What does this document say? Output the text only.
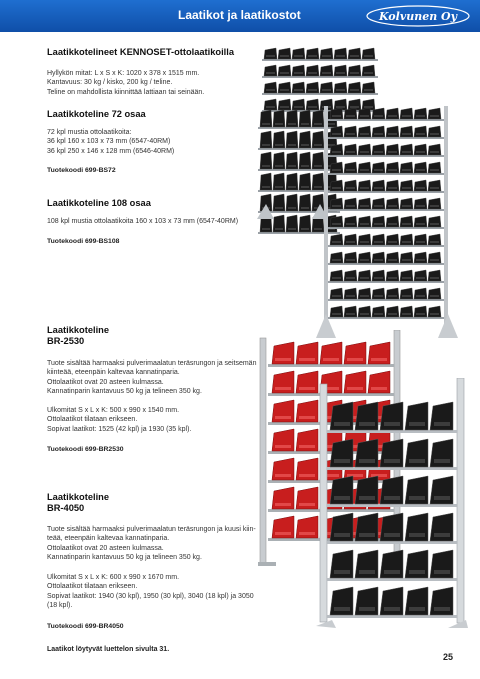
Laatikot ja laatikostot	Kolvunen Oy
Laatikkotelineet KENNOSET-ottolaatikoilla
Hyllykön mitat: L x S x K: 1020 x 378 x 1515 mm.
Kantavuus: 30 kg / kisko, 200 kg / teline.
Teline on mahdollista kiinnittää lattiaan tai seinään.
Laatikkoteline 72 osaa
72 kpl mustia ottolaatikoita:
36 kpl 160 x 103 x 73 mm (6547-40RM)
36 kpl 250 x 146 x 128 mm (6546-40RM)
Tuotekoodi 699-BS72
Laatikkoteline 108 osaa
108 kpl mustia ottolaatikoita 160 x 103 x 73 mm (6547-40RM)
Tuotekoodi 699-BS108
Laatikkoteline
BR-2530
Tuote sisältää harmaaksi pulverimaalatun teräsrungon ja seitsemän
kiinteää, eteenpäin kaltevaa kannatinparia.
Ottolaatikot ovat 20 asteen kulmassa.
Kannatinparin kantavuus 50 kg ja telineen 350 kg.
Ulkomitat S x L x K: 500 x 990 x 1540 mm.
Ottolaatikot tilataan erikseen.
Sopivat laatikot: 1525 (42 kpl) ja 1930 (35 kpl).
Tuotekoodi 699-BR2530
Laatikkoteline
BR-4050
Tuote sisältää harmaaksi pulverimaalatun teräsrungon ja kuusi kiin-
teää, eteenpäin kaltevaa kannatinparia.
Ottolaatikot ovat 20 asteen kulmassa.
Kannatinparin kantavuus 50 kg ja telineen 350 kg.
Ulkomitat S x L x K: 600 x 990 x 1670 mm.
Ottolaatikot tilataan erikseen.
Sopivat laatikot: 1940 (30 kpl), 1950 (30 kpl), 3040 (18 kpl) ja 3050
(18 kpl).
Tuotekoodi 699-BR4050
Laatikot löytyvät luettelon sivulta 31.
25
